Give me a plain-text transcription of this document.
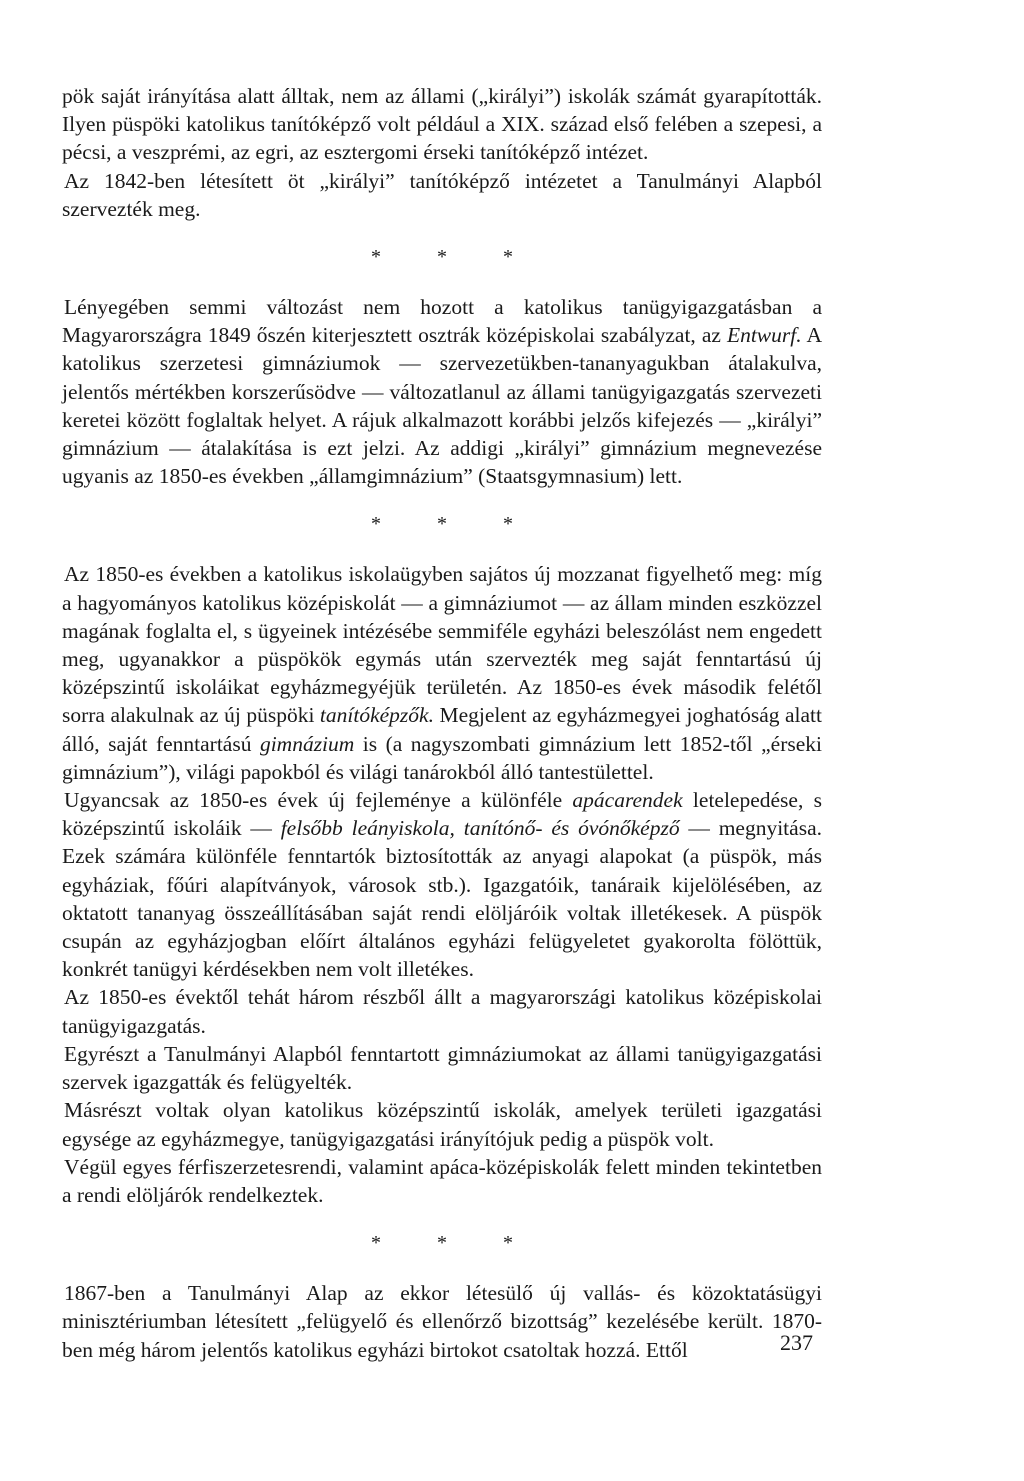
pök saját irányítása alatt álltak, nem az állami („királyi”) iskolák számát gyarapították. Ilyen püspöki katolikus tanítóképző volt például a XIX. század első felében a szepesi, a pécsi, a veszprémi, az egri, az esztergomi érseki tanítóképző intézet.

Az 1842-ben létesített öt „királyi” tanítóképző intézetet a Tanulmányi Alapból szervezték meg.

*	*	*

Lényegében semmi változást nem hozott a katolikus tanügyigazgatásban a Magyarországra 1849 őszén kiterjesztett osztrák középiskolai szabályzat, az Entwurf. A katolikus szerzetesi gimnáziumok — szervezetükben-tananyagukban átalakulva, jelentős mértékben korszerűsödve — változatlanul az állami tanügyigazgatás szervezeti keretei között foglaltak helyet. A rájuk alkalmazott korábbi jelzős kifejezés — „királyi” gimnázium — átalakítása is ezt jelzi. Az addigi „királyi” gimnázium megnevezése ugyanis az 1850-es években „államgimnázium” (Staatsgymnasium) lett.

*	*	*

Az 1850-es években a katolikus iskolaügyben sajátos új mozzanat figyelhető meg: míg a hagyományos katolikus középiskolát — a gimnáziumot — az állam minden eszközzel magának foglalta el, s ügyeinek intézésébe semmiféle egyházi beleszólást nem engedett meg, ugyanakkor a püspökök egymás után szervezték meg saját fenntartású új középszintű iskoláikat egyházmegyéjük területén. Az 1850-es évek második felétől sorra alakulnak az új püspöki tanítóképzők. Megjelent az egyházmegyei joghatóság alatt álló, saját fenntartású gimnázium is (a nagyszombati gimnázium lett 1852-től „érseki gimnázium”), világi papokból és világi tanárokból álló tantestülettel.

Ugyancsak az 1850-es évek új fejleménye a különféle apácarendek letelepedése, s középszintű iskoláik — felsőbb leányiskola, tanítónő- és óvónőképző — megnyitása. Ezek számára különféle fenntartók biztosították az anyagi alapokat (a püspök, más egyháziak, főúri alapítványok, városok stb.). Igazgatóik, tanáraik kijelölésében, az oktatott tananyag összeállításában saját rendi elöljáróik voltak illetékesek. A püspök csupán az egyházjogban előírt általános egyházi felügyeletet gyakorolta fölöttük, konkrét tanügyi kérdésekben nem volt illetékes.

Az 1850-es évektől tehát három részből állt a magyarországi katolikus középiskolai tanügyigazgatás.

Egyrészt a Tanulmányi Alapból fenntartott gimnáziumokat az állami tanügyigazgatási szervek igazgatták és felügyelték.

Másrészt voltak olyan katolikus középszintű iskolák, amelyek területi igazgatási egysége az egyházmegye, tanügyigazgatási irányítójuk pedig a püspök volt.

Végül egyes férfiszerzetesrendi, valamint apáca-középiskolák felett minden tekintetben a rendi elöljárók rendelkeztek.

*	*	*

1867-ben a Tanulmányi Alap az ekkor létesülő új vallás- és közoktatásügyi minisztériumban létesített „felügyelő és ellenőrző bizottság” kezelésébe került. 1870-ben még három jelentős katolikus egyházi birtokot csatoltak hozzá. Ettől	237
